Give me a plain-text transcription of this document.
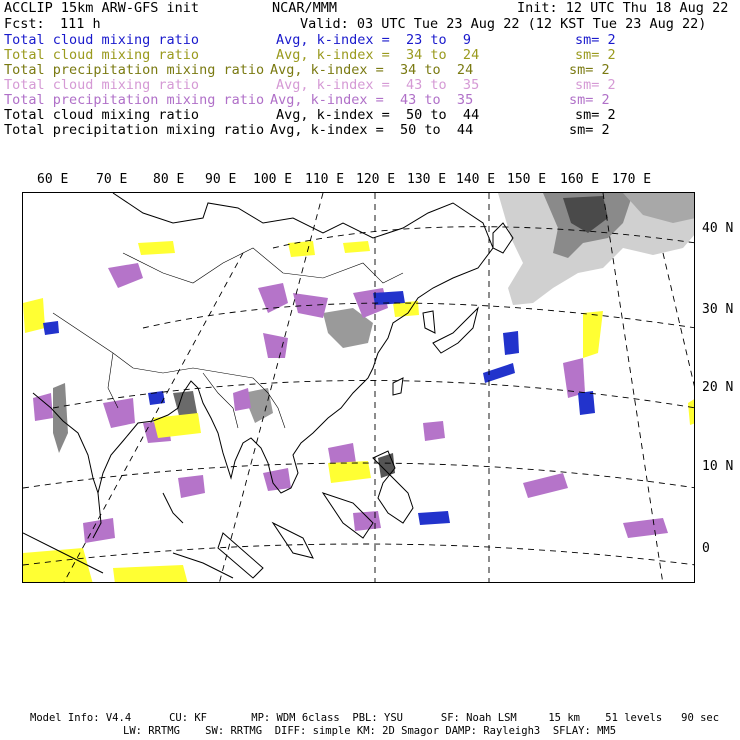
ACCLIP 15km ARW-GFS init	NCAR/MMM	Init: 12 UTC Thu 18 Aug 22
Fcst: 111 h	Valid: 03 UTC Tue 23 Aug 22 (12 KST Tue 23 Aug 22)
Total cloud mixing ratio	Avg, k-index =  23 to  9	sm= 2
Total cloud mixing ratio	Avg, k-index =  34 to  24	sm= 2
Total precipitation mixing ratio Avg, k-index =  34 to  24	sm= 2
Total cloud mixing ratio	Avg, k-index =  43 to  35	sm= 2
Total precipitation mixing ratio Avg, k-index =  43 to  35	sm= 2
Total cloud mixing ratio	Avg, k-index =  50 to  44	sm= 2
Total precipitation mixing ratio Avg, k-index =  50 to  44	sm= 2
60 E 70 E 80 E 90 E 100 E 110 E 120 E 130 E 140 E 150 E 160 E 170 E
40 N
30 N
20 N
10 N
0
Model Info: V4.4      CU: KF       MP: WDM 6class  PBL: YSU      SF: Noah LSM     15 km    51 levels   90 sec
LW: RRTMG    SW: RRTMG  DIFF: simple KM: 2D Smagor DAMP: Rayleigh3  SFLAY: MM5
